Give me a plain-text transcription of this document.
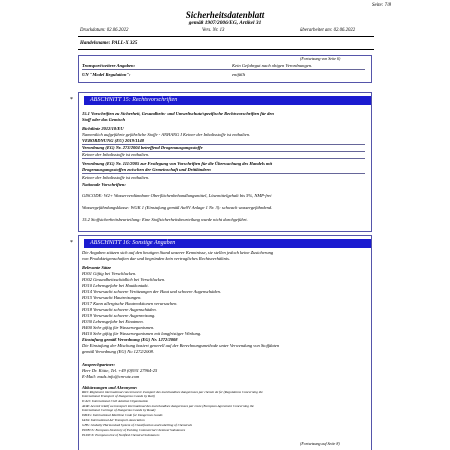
Seite: 7/8
Sicherheitsdatenblatt
gemäß 1907/2006/EG, Artikel 31
Druckdatum: 02.06.2022	Vers. Nr. 13	überarbeitet am: 02.06.2022
Handelsname: PALL-X 325
(Fortsetzung von Seite 6)
Transport/weitere Angaben:	Kein Gefahrgut nach obigen Verordnungen.
UN "Model Regulation":	entfällt
*	ABSCHNITT 15: Rechtsvorschriften
15.1 Vorschriften zu Sicherheit, Gesundheits- und Umweltschutz/spezifische Rechtsvorschriften für den
Stoff oder das Gemisch
Richtlinie 2012/18/EU
Namentlich aufgeführte gefährliche Stoffe - ANHANG I Keiner der Inhaltsstoffe ist enthalten.
VERORDNUNG (EU) 2019/1148
Verordnung (EG) Nr. 273/2004 betreffend Drogenausgangsstoffe
Keiner der Inhaltsstoffe ist enthalten.
Verordnung (EG) Nr. 111/2005 zur Festlegung von Vorschriften für die Überwachung des Handels mit
Drogenausgangsstoffen zwischen der Gemeinschaft und Drittländern
Keiner der Inhaltsstoffe ist enthalten.
Nationale Vorschriften:
GISCODE: W2+ Wasserverdünnbare Oberflächenbehandlungsmittel, Lösemittelgehalt bis 5%, NMP-frei
Wassergefährdungsklasse: WGK 1 (Einstufung gemäß AwSV Anlage 1 Nr. 3): schwach wassergefährdend.
15.2 Stoffsicherheitsbeurteilung: Eine Stoffsicherheitsbeurteilung wurde nicht durchgeführt.
*	ABSCHNITT 16: Sonstige Angaben
Die Angaben stützen sich auf den heutigen Stand unserer Kenntnisse, sie stellen jedoch keine Zusicherung
von Produkteigenschaften dar und begründen kein vertragliches Rechtsverhältnis.
Relevante Sätze
H301 Giftig bei Verschlucken.
H302 Gesundheitsschädlich bei Verschlucken.
H310 Lebensgefahr bei Hautkontakt.
H314 Verursacht schwere Verätzungen der Haut und schwere Augenschäden.
H315 Verursacht Hautreizungen.
H317 Kann allergische Hautreaktionen verursachen.
H318 Verursacht schwere Augenschäden.
H319 Verursacht schwere Augenreizung.
H330 Lebensgefahr bei Einatmen.
H400 Sehr giftig für Wasserorganismen.
H410 Sehr giftig für Wasserorganismen mit langfristiger Wirkung.
Einstufung gemäß Verordnung (EG) Nr. 1272/2008
Die Einstufung der Mischung basiert generell auf der Berechnungsmethode unter Verwendung von Stoffdaten
gemäß Verordnung (EG) No 1272/2008.
Ansprechpartner:
Herr Dr. Kötte, Tel. +49 (0)931 27964-25
E-Mail: msds.info@cm-utz.com
Abkürzungen und Akronyme:
RID: Règlement international concernant le transport des marchandises dangereuses par chemin de fer (Regulations Concerning the
International Transport of Dangerous Goods by Rail)
ICAO: International Civil Aviation Organisation
ADR: Accord relatif au transport international des marchandises dangereuses par route (European Agreement Concerning the
International Carriage of Dangerous Goods by Road)
IMDG: International Maritime Code for Dangerous Goods
IATA: International Air Transport Association
GHS: Globally Harmonised System of Classification and Labelling of Chemicals
EINECS: European Inventory of Existing Commercial Chemical Substances
ELINCS: European List of Notified Chemical Substances
(Fortsetzung auf Seite 8)
